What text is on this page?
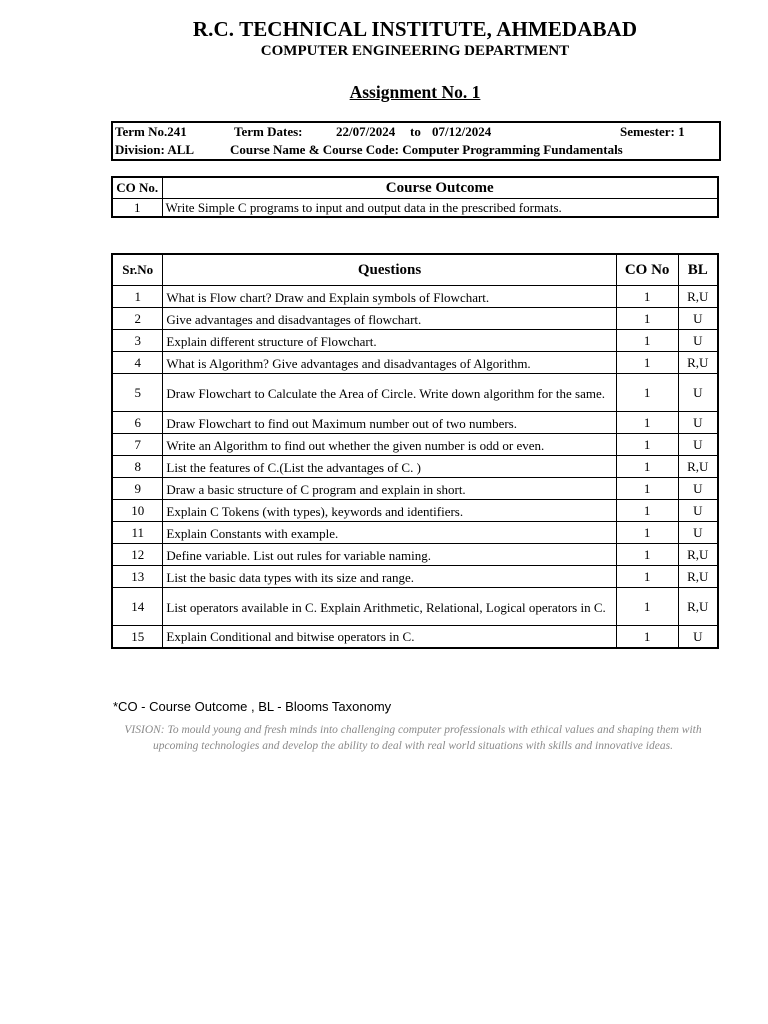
R.C. TECHNICAL INSTITUTE, AHMEDABAD
COMPUTER ENGINEERING DEPARTMENT
Assignment No. 1
Term No.241	Term Dates:	22/07/2024 to 07/12/2024	Semester: 1
Division: ALL	Course Name & Course Code: Computer Programming Fundamentals
CO No.	Course Outcome
1	Write Simple C programs to input and output data in the prescribed formats.
Sr.No	Questions	CO No	BL
1	What is Flow chart? Draw and Explain symbols of Flowchart.	1	R,U
2	Give advantages and disadvantages of flowchart.	1	U
3	Explain different structure of Flowchart.	1	U
4	What is Algorithm? Give advantages and disadvantages of Algorithm.	1	R,U
5	Draw Flowchart to Calculate the Area of Circle. Write down algorithm for the same.	1	U
6	Draw Flowchart to find out Maximum number out of two numbers.	1	U
7	Write an Algorithm to find out whether the given number is odd or even.	1	U
8	List the features of C.(List the advantages of C. )	1	R,U
9	Draw a basic structure of C program and explain in short.	1	U
10	Explain C Tokens (with types), keywords and identifiers.	1	U
11	Explain Constants with example.	1	U
12	Define variable. List out rules for variable naming.	1	R,U
13	List the basic data types with its size and range.	1	R,U
14	List operators available in C. Explain Arithmetic, Relational, Logical operators in C.	1	R,U
15	Explain Conditional and bitwise operators in C.	1	U
*CO - Course Outcome , BL - Blooms Taxonomy
VISION: To mould young and fresh minds into challenging computer professionals with ethical values and shaping them with upcoming technologies and develop the ability to deal with real world situations with skills and innovative ideas.
